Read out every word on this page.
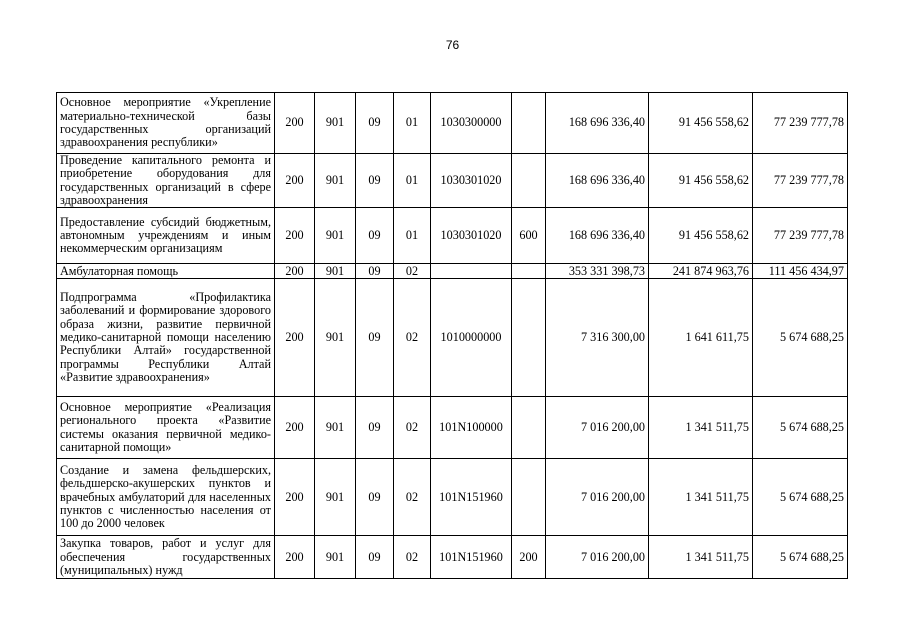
76
Основное мероприятие «Укрепление материально-технической базы государственных организаций здравоохранения республики»	200	901	09	01	1030300000		168 696 336,40	91 456 558,62	77 239 777,78
Проведение капитального ремонта и приобретение оборудования для государственных организаций в сфере здравоохранения	200	901	09	01	1030301020		168 696 336,40	91 456 558,62	77 239 777,78
Предоставление субсидий бюджетным, автономным учреждениям и иным некоммерческим организациям	200	901	09	01	1030301020	600	168 696 336,40	91 456 558,62	77 239 777,78
Амбулаторная помощь	200	901	09	02			353 331 398,73	241 874 963,76	111 456 434,97
Подпрограмма «Профилактика заболеваний и формирование здорового образа жизни, развитие первичной медико-санитарной помощи населению Республики Алтай» государственной программы Республики Алтай «Развитие здравоохранения»	200	901	09	02	1010000000		7 316 300,00	1 641 611,75	5 674 688,25
Основное мероприятие «Реализация регионального проекта «Развитие системы оказания первичной медико-санитарной помощи»	200	901	09	02	101N100000		7 016 200,00	1 341 511,75	5 674 688,25
Создание и замена фельдшерских, фельдшерско-акушерских пунктов и врачебных амбулаторий для населенных пунктов с численностью населения от 100 до 2000 человек	200	901	09	02	101N151960		7 016 200,00	1 341 511,75	5 674 688,25
Закупка товаров, работ и услуг для обеспечения государственных (муниципальных) нужд	200	901	09	02	101N151960	200	7 016 200,00	1 341 511,75	5 674 688,25
